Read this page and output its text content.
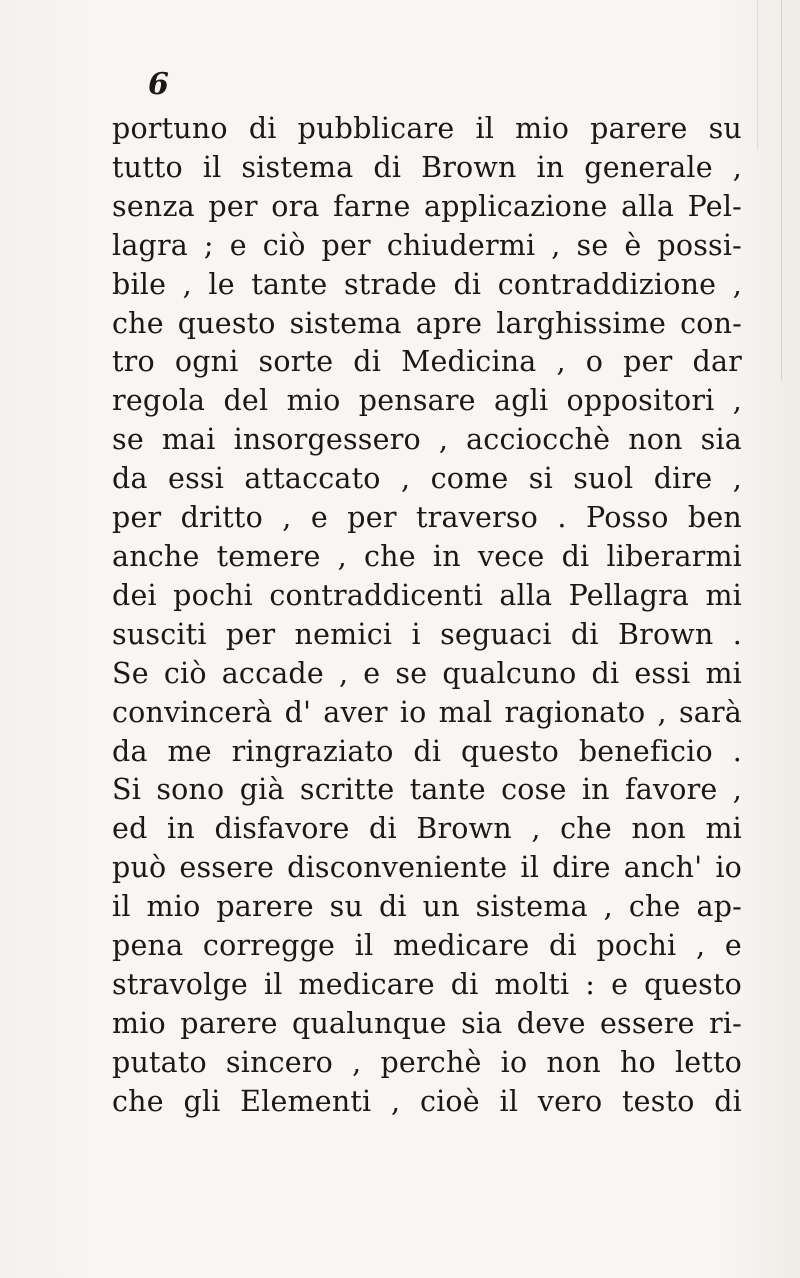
6
portuno di pubblicare il mio parere su
tutto il sistema di Brown in generale ,
senza per ora farne applicazione alla Pel-
lagra ; e ciò per chiudermi , se è possi-
bile , le tante strade di contraddizione ,
che questo sistema apre larghissime con-
tro ogni sorte di Medicina , o per dar
regola del mio pensare agli oppositori ,
se mai insorgessero , acciocchè non sia
da essi attaccato , come si suol dire ,
per dritto , e per traverso . Posso ben
anche temere , che in vece di liberarmi
dei pochi contraddicenti alla Pellagra mi
susciti per nemici i seguaci di Brown .
Se ciò accade , e se qualcuno di essi mi
convincerà d' aver io mal ragionato , sarà
da me ringraziato di questo beneficio .
Si sono già scritte tante cose in favore ,
ed in disfavore di Brown , che non mi
può essere disconveniente il dire anch' io
il mio parere su di un sistema , che ap-
pena corregge il medicare di pochi , e
stravolge il medicare di molti : e questo
mio parere qualunque sia deve essere ri-
putato sincero , perchè io non ho letto
che gli Elementi , cioè il vero testo di
